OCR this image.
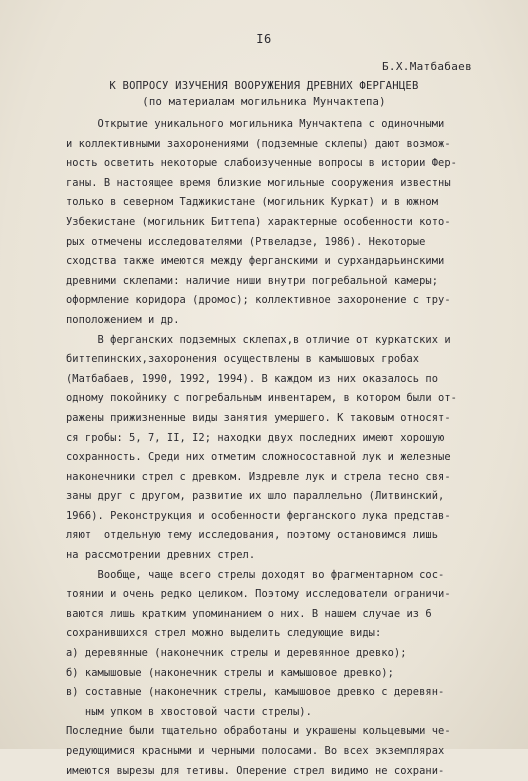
I6
Б.Х.Матбабаев
К ВОПРОСУ ИЗУЧЕНИЯ ВООРУЖЕНИЯ ДРЕВНИХ ФЕРГАНЦЕВ
(по материалам могильника Мунчактепа)
Открытие уникального могильника Мунчактепа с одиночными
и коллективными захоронениями (подземные склепы) дают возмож-
ность осветить некоторые слабоизученные вопросы в истории Фер-
ганы. В настоящее время близкие могильные сооружения известны
только в северном Таджикистане (могильник Куркат) и в южном
Узбекистане (могильник Биттепа) характерные особенности кото-
рых отмечены исследователями (Ртвеладзе, 1986). Некоторые
сходства также имеются между ферганскими и сурхандарьинскими
древними склепами: наличие ниши внутри погребальной камеры;
оформление коридора (дромос); коллективное захоронение с тру-
поположением и др.
В ферганских подземных склепах,в отличие от куркатских и
биттепинских,захоронения осуществлены в камышовых гробах
(Матбабаев, 1990, 1992, 1994). В каждом из них оказалось по
одному покойнику с погребальным инвентарем, в котором были от-
ражены прижизненные виды занятия умершего. К таковым относят-
ся гробы: 5, 7, II, I2; находки двух последних имеют хорошую
сохранность. Среди них отметим сложносоставной лук и железные
наконечники стрел с древком. Издревле лук и стрела тесно свя-
заны друг с другом, развитие их шло параллельно (Литвинский,
1966). Реконструкция и особенности ферганского лука представ-
ляют  отдельную тему исследования, поэтому остановимся лишь
на рассмотрении древних стрел.
Вообще, чаще всего стрелы доходят во фрагментарном сос-
тоянии и очень редко целиком. Поэтому исследователи ограничи-
ваются лишь кратким упоминанием о них. В нашем случае из 6
сохранившихся стрел можно выделить следующие виды:
а) деревянные (наконечник стрелы и деревянное древко);
б) камышовые (наконечник стрелы и камышовое древко);
в) составные (наконечник стрелы, камышовое древко с деревян-
ным упком в хвостовой части стрелы).
Последние были тщательно обработаны и украшены кольцевыми че-
редующимися красными и черными полосами. Во всех экземплярах
имеются вырезы для тетивы. Оперение стрел видимо не сохрани-
